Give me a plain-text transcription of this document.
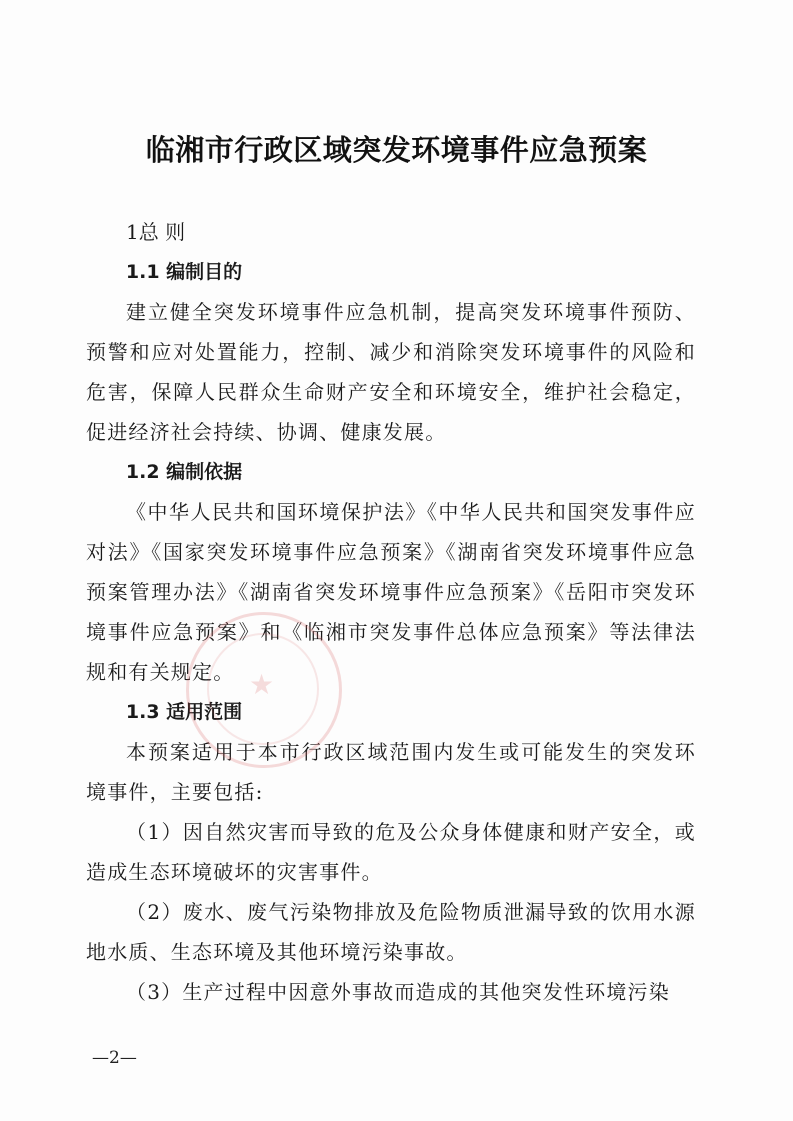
临湘市行政区域突发环境事件应急预案

1总 则

1.1 编制目的

建立健全突发环境事件应急机制，提高突发环境事件预防、预警和应对处置能力，控制、减少和消除突发环境事件的风险和危害，保障人民群众生命财产安全和环境安全，维护社会稳定，促进经济社会持续、协调、健康发展。

1.2 编制依据

《中华人民共和国环境保护法》《中华人民共和国突发事件应对法》《国家突发环境事件应急预案》《湖南省突发环境事件应急预案管理办法》《湖南省突发环境事件应急预案》《岳阳市突发环境事件应急预案》和《临湘市突发事件总体应急预案》等法律法规和有关规定。

1.3 适用范围

本预案适用于本市行政区域范围内发生或可能发生的突发环境事件，主要包括:

（1）因自然灾害而导致的危及公众身体健康和财产安全，或造成生态环境破坏的灾害事件。

（2）废水、废气污染物排放及危险物质泄漏导致的饮用水源地水质、生态环境及其他环境污染事故。

（3）生产过程中因意外事故而造成的其他突发性环境污染

★
—2—
